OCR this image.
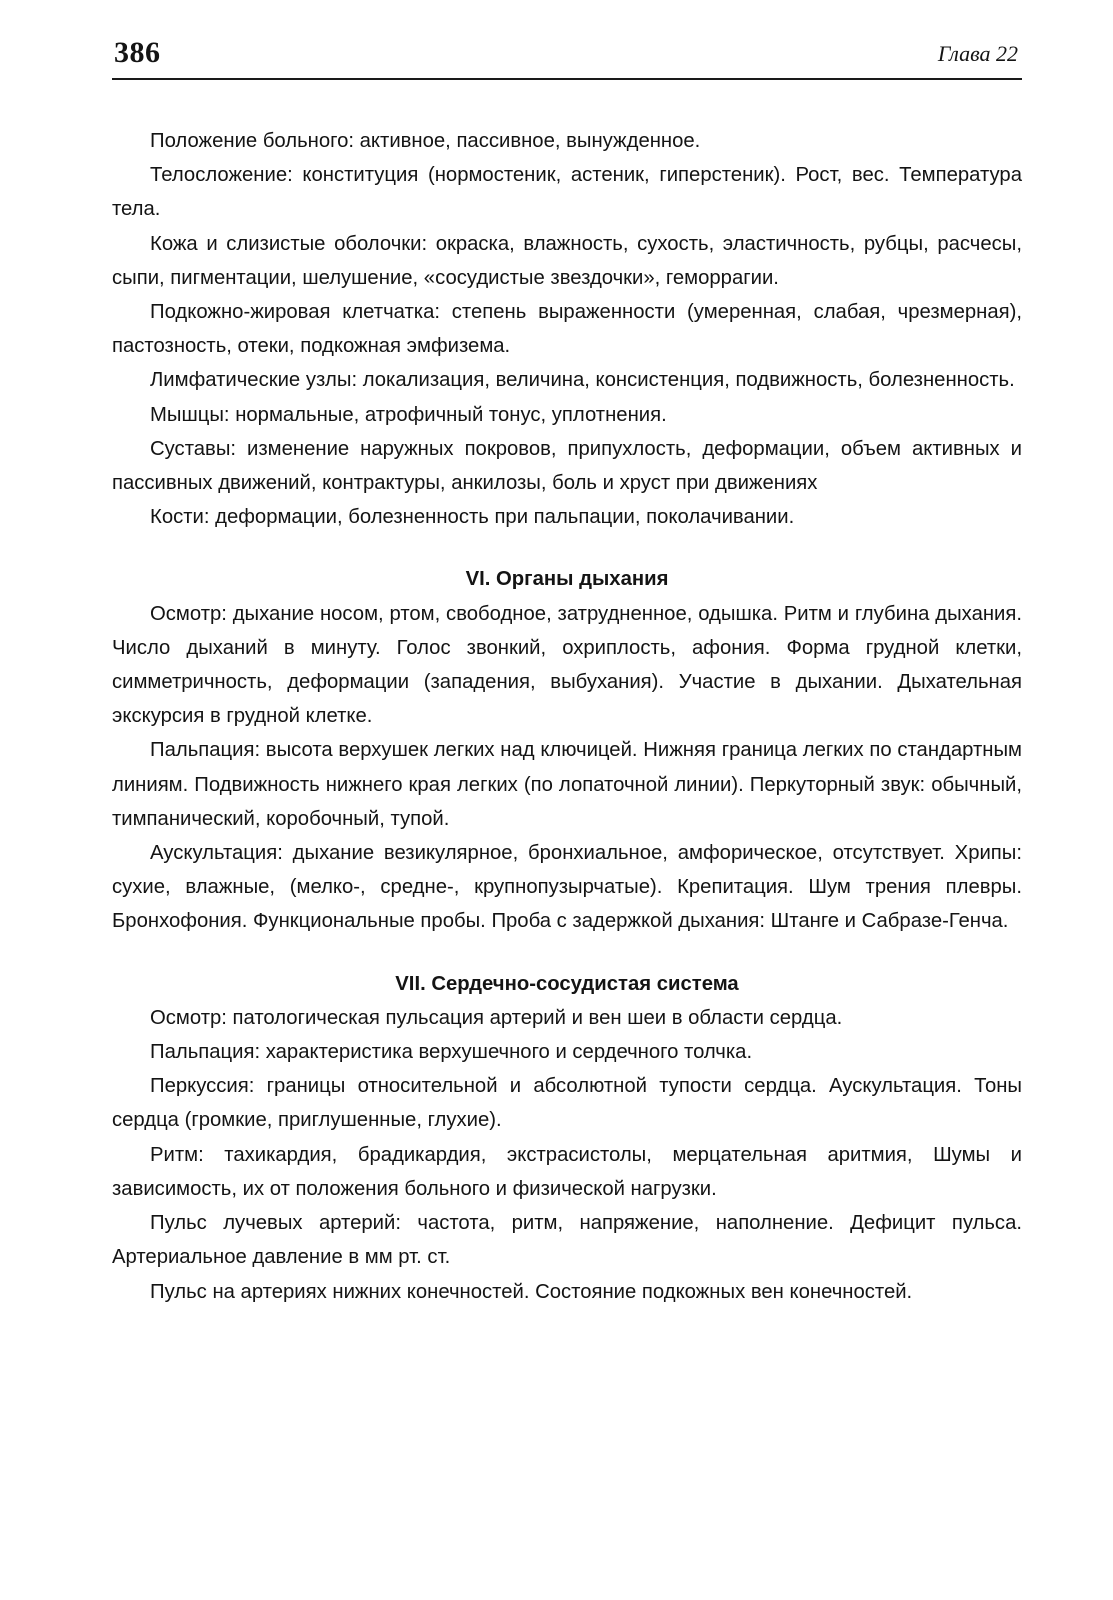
386	Глава 22

Положение больного: активное, пассивное, вынужденное.

Телосложение: конституция (нормостеник, астеник, гиперстеник). Рост, вес. Температура тела.

Кожа и слизистые оболочки: окраска, влажность, сухость, эластичность, рубцы, расчесы, сыпи, пигментации, шелушение, «сосудистые звездочки», геморрагии.

Подкожно-жировая клетчатка: степень выраженности (умеренная, слабая, чрезмерная), пастозность, отеки, подкожная эмфизема.

Лимфатические узлы: локализация, величина, консистенция, подвижность, болезненность.

Мышцы: нормальные, атрофичный тонус, уплотнения.

Суставы: изменение наружных покровов, припухлость, деформации, объем активных и пассивных движений, контрактуры, анкилозы, боль и хруст при движениях

Кости: деформации, болезненность при пальпации, поколачивании.

VI. Органы дыхания

Осмотр: дыхание носом, ртом, свободное, затрудненное, одышка. Ритм и глубина дыхания. Число дыханий в минуту. Голос звонкий, охриплость, афония. Форма грудной клетки, симметричность, деформации (западения, выбухания). Участие в дыхании. Дыхательная экскурсия в грудной клетке.

Пальпация: высота верхушек легких над ключицей. Нижняя граница легких по стандартным линиям. Подвижность нижнего края легких (по лопаточной линии). Перкуторный звук: обычный, тимпанический, коробочный, тупой.

Аускультация: дыхание везикулярное, бронхиальное, амфорическое, отсутствует. Хрипы: сухие, влажные, (мелко-, средне-, крупнопузырчатые). Крепитация. Шум трения плевры. Бронхофония. Функциональные пробы. Проба с задержкой дыхания: Штанге и Сабразе-Генча.

VII. Сердечно-сосудистая система

Осмотр: патологическая пульсация артерий и вен шеи в области сердца.

Пальпация: характеристика верхушечного и сердечного толчка.

Перкуссия: границы относительной и абсолютной тупости сердца. Аускультация. Тоны сердца (громкие, приглушенные, глухие).

Ритм: тахикардия, брадикардия, экстрасистолы, мерцательная аритмия, Шумы и зависимость, их от положения больного и физической нагрузки.

Пульс лучевых артерий: частота, ритм, напряжение, наполнение. Дефицит пульса. Артериальное давление в мм рт. ст.

Пульс на артериях нижних конечностей. Состояние подкожных вен конечностей.
